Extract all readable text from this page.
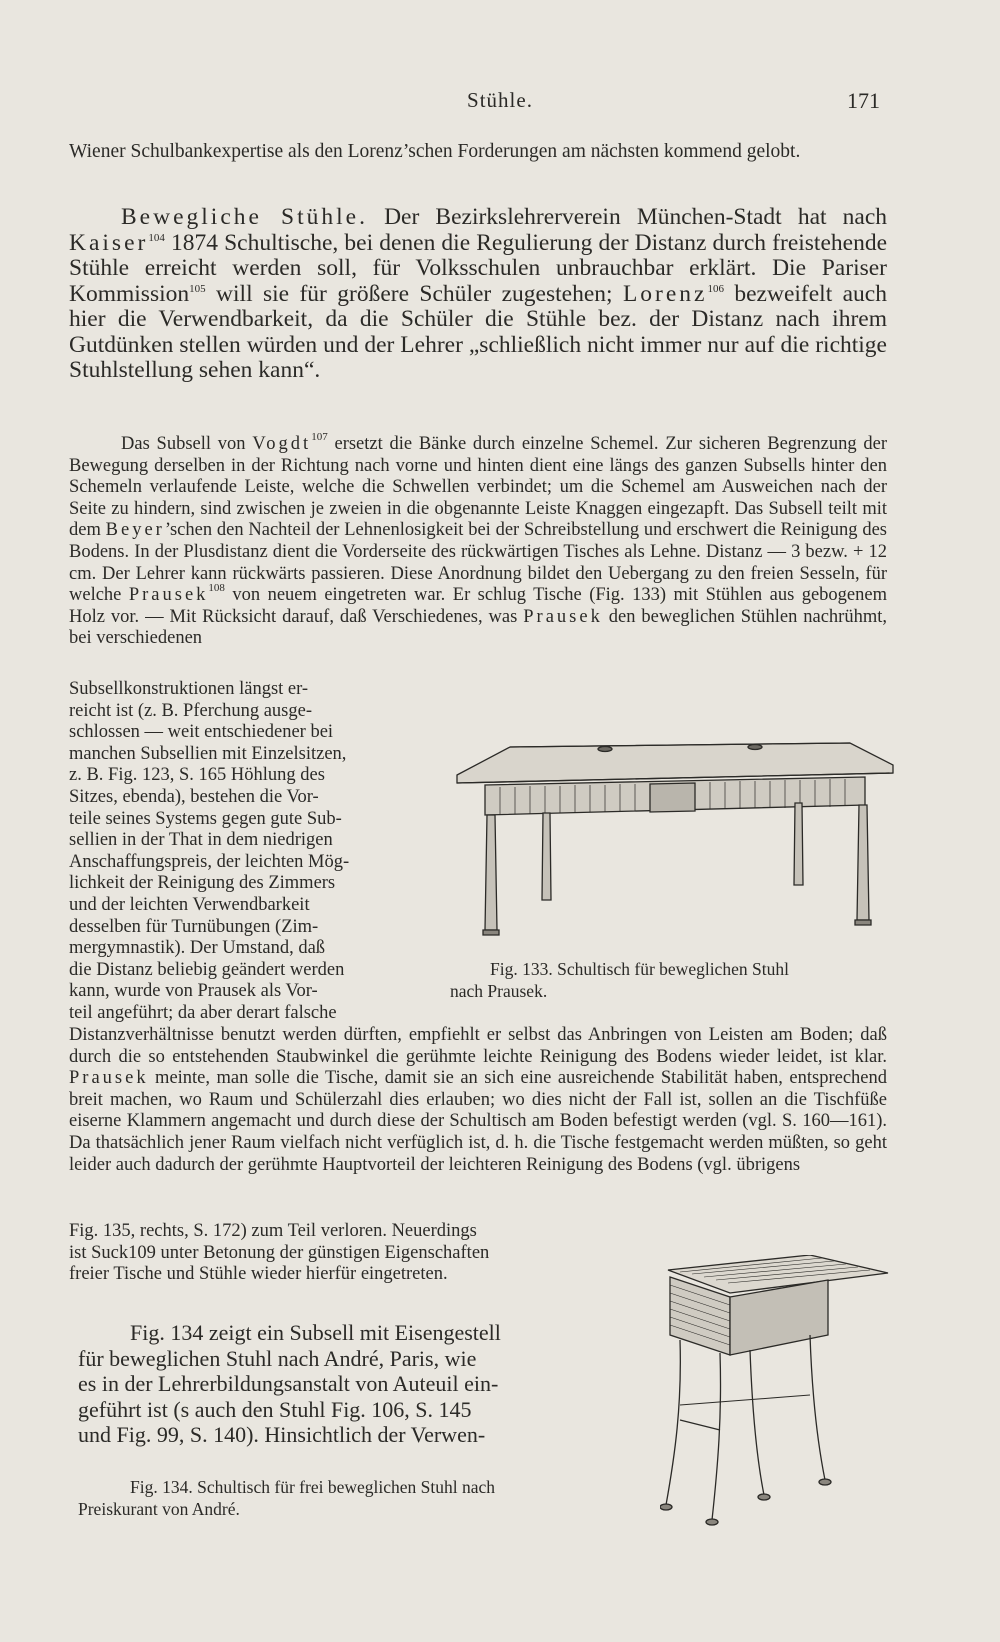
Stühle.	171
Wiener Schulbankexpertise als den Lorenz’schen Forderungen am nächsten kommend gelobt.
Bewegliche Stühle. Der Bezirkslehrerverein München-Stadt hat nach Kaiser$^{104}$ 1874 Schultische, bei denen die Regulierung der Distanz durch freistehende Stühle erreicht werden soll, für Volksschulen unbrauchbar erklärt. Die Pariser Kommission$^{105}$ will sie für größere Schüler zugestehen; Lorenz$^{106}$ bezweifelt auch hier die Verwendbarkeit, da die Schüler die Stühle bez. der Distanz nach ihrem Gutdünken stellen würden und der Lehrer „schließlich nicht immer nur auf die richtige Stuhlstellung sehen kann“.
Das Subsell von Vogdt$^{107}$ ersetzt die Bänke durch einzelne Schemel. Zur sicheren Begrenzung der Bewegung derselben in der Richtung nach vorne und hinten dient eine längs des ganzen Subsells hinter den Schemeln verlaufende Leiste, welche die Schwellen verbindet; um die Schemel am Ausweichen nach der Seite zu hindern, sind zwischen je zweien in die obgenannte Leiste Knaggen eingezapft. Das Subsell teilt mit dem Beyer’schen den Nachteil der Lehnenlosigkeit bei der Schreibstellung und erschwert die Reinigung des Bodens. In der Plusdistanz dient die Vorderseite des rückwärtigen Tisches als Lehne. Distanz — 3 bezw. + 12 cm. Der Lehrer kann rückwärts passieren. Diese Anordnung bildet den Uebergang zu den freien Sesseln, für welche Prausek$^{108}$ von neuem eingetreten war. Er schlug Tische (Fig. 133) mit Stühlen aus gebogenem Holz vor. — Mit Rücksicht darauf, daß Verschiedenes, was Prausek den beweglichen Stühlen nachrühmt, bei verschiedenen
Subsellkonstruktionen längst er-
reicht ist (z. B. Pferchung ausge-
schlossen — weit entschiedener bei
manchen Subsellien mit Einzelsitzen,
z. B. Fig. 123, S. 165 Höhlung des
Sitzes, ebenda), bestehen die Vor-
teile seines Systems gegen gute Sub-
sellien in der That in dem niedrigen
Anschaffungspreis, der leichten Mög-
lichkeit der Reinigung des Zimmers
und der leichten Verwendbarkeit
desselben für Turnübungen (Zim-
mergymnastik). Der Umstand, daß
die Distanz beliebig geändert werden
kann, wurde von Prausek als Vor-
teil angeführt; da aber derart falsche
Distanzverhältnisse benutzt werden dürften, empfiehlt er selbst das Anbringen von Leisten am Boden; daß durch die so entstehenden Staubwinkel die gerühmte leichte Reinigung des Bodens wieder leidet, ist klar. Prausek meinte, man solle die Tische, damit sie an sich eine ausreichende Stabilität haben, entsprechend breit machen, wo Raum und Schülerzahl dies erlauben; wo dies nicht der Fall ist, sollen an die Tischfüße eiserne Klammern angemacht und durch diese der Schultisch am Boden befestigt werden (vgl. S. 160—161). Da thatsächlich jener Raum vielfach nicht verfüglich ist, d. h. die Tische festgemacht werden müßten, so geht leider auch dadurch der gerühmte Hauptvorteil der leichteren Reinigung des Bodens (vgl. übrigens
Fig. 135, rechts, S. 172) zum Teil verloren. Neuerdings
ist Suck109 unter Betonung der günstigen Eigenschaften
freier Tische und Stühle wieder hierfür eingetreten.
Fig. 134 zeigt ein Subsell mit Eisengestell
für beweglichen Stuhl nach André, Paris, wie
es in der Lehrerbildungsanstalt von Auteuil ein-
geführt ist (s auch den Stuhl Fig. 106, S. 145
und Fig. 99, S. 140). Hinsichtlich der Verwen-
Fig. 133. Schultisch für beweglichen Stuhl
nach Prausek.
Fig. 134. Schultisch für frei beweglichen Stuhl nach
Preiskurant von André.
